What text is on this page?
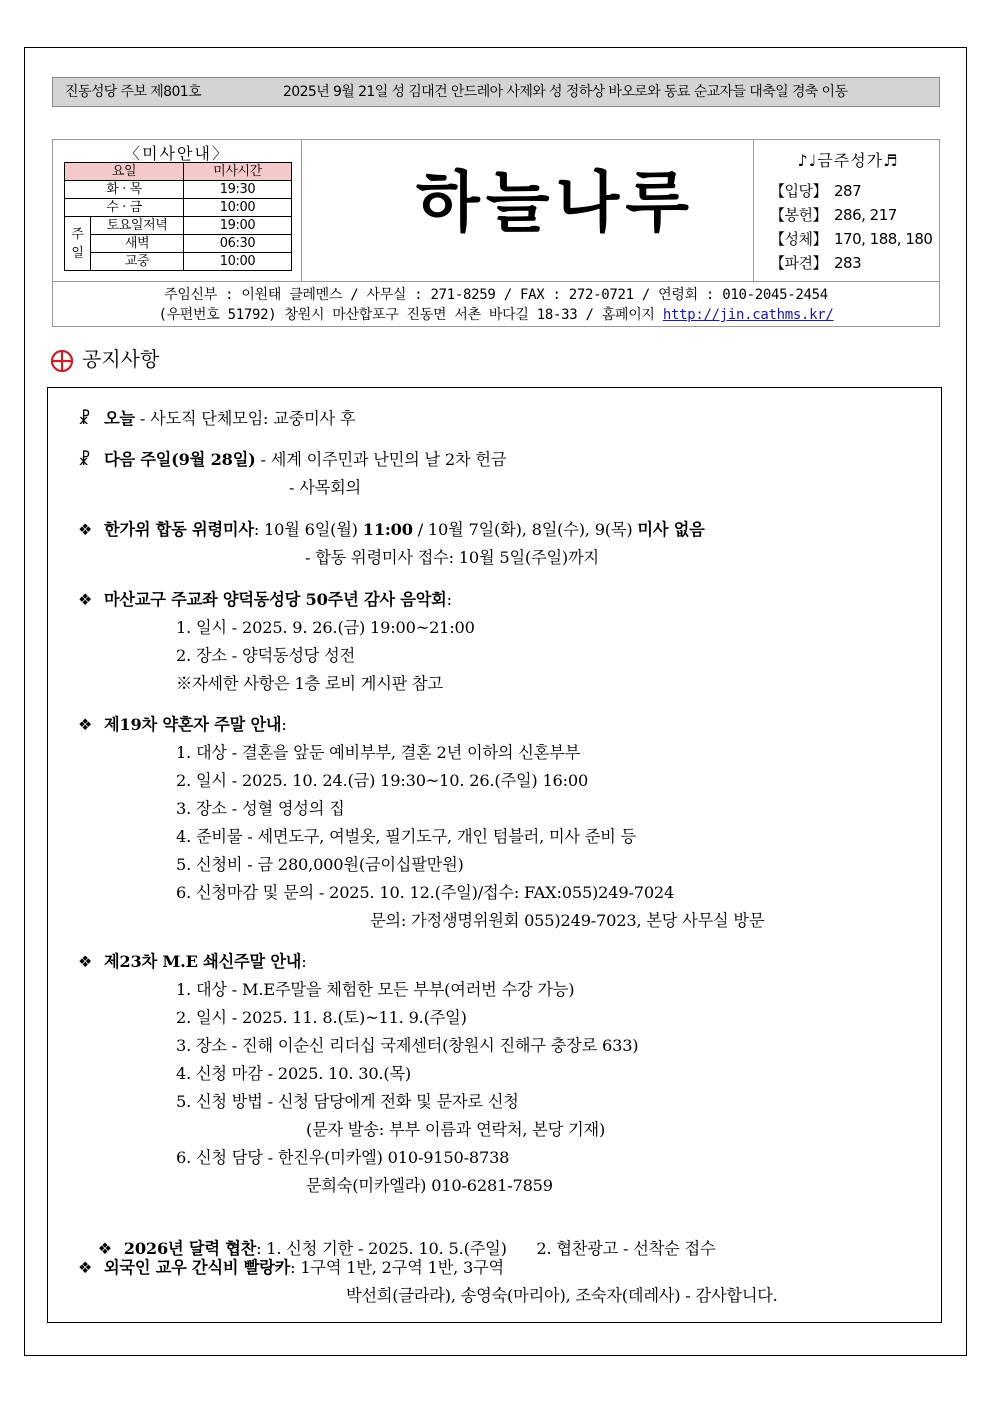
진동성당 주보 제801호	2025년 9월 21일 성 김대건 안드레아 사제와 성 정하상 바오로와 동료 순교자들 대축일 경축 이동
〈미사안내〉
요일		미사시간
화 · 목		19:30
수 · 금		10:00
주일	토요일저녁	19:00
	새벽	06:30
	교중	10:00
하늘나루
♪♩금주성가♬
【입당】 287
【봉헌】 286, 217
【성체】 170, 188, 180
【파견】 283
주임신부 : 이원태 클레멘스 / 사무실 : 271-8259 / FAX : 272-0721 / 연령회 : 010-2045-2454
(우편번호 51792) 창원시 마산합포구 진동면 서촌 바다길 18-33 / 홈페이지 http://jin.cathms.kr/
공지사항
☧ 오늘 - 사도직 단체모임: 교중미사 후
☧ 다음 주일(9월 28일) - 세계 이주민과 난민의 날 2차 헌금
- 사목회의
❖ 한가위 합동 위령미사: 10월 6일(월) 11:00 / 10월 7일(화), 8일(수), 9(목) 미사 없음
- 합동 위령미사 접수: 10월 5일(주일)까지
❖ 마산교구 주교좌 양덕동성당 50주년 감사 음악회:
1. 일시 - 2025. 9. 26.(금) 19:00~21:00
2. 장소 - 양덕동성당 성전
※자세한 사항은 1층 로비 게시판 참고
❖ 제19차 약혼자 주말 안내:
1. 대상 - 결혼을 앞둔 예비부부, 결혼 2년 이하의 신혼부부
2. 일시 - 2025. 10. 24.(금) 19:30~10. 26.(주일) 16:00
3. 장소 - 성혈 영성의 집
4. 준비물 - 세면도구, 여벌옷, 필기도구, 개인 텀블러, 미사 준비 등
5. 신청비 - 금 280,000원(금이십팔만원)
6. 신청마감 및 문의 - 2025. 10. 12.(주일)/접수: FAX:055)249-7024
문의: 가정생명위원회 055)249-7023, 본당 사무실 방문
❖ 제23차 M.E 쇄신주말 안내:
1. 대상 - M.E주말을 체험한 모든 부부(여러번 수강 가능)
2. 일시 - 2025. 11. 8.(토)~11. 9.(주일)
3. 장소 - 진해 이순신 리더십 국제센터(창원시 진해구 충장로 633)
4. 신청 마감 - 2025. 10. 30.(목)
5. 신청 방법 - 신청 담당에게 전화 및 문자로 신청
(문자 발송: 부부 이름과 연락처, 본당 기재)
6. 신청 담당 - 한진우(미카엘) 010-9150-8738
문희숙(미카엘라) 010-6281-7859

❖ 2026년 달력 협찬: 1. 신청 기한 - 2025. 10. 5.(주일)      2. 협찬광고 - 선착순 접수

❖ 외국인 교우 간식비 빨랑카: 1구역 1반, 2구역 1반, 3구역
박선희(글라라), 송영숙(마리아), 조숙자(데레사) - 감사합니다.
